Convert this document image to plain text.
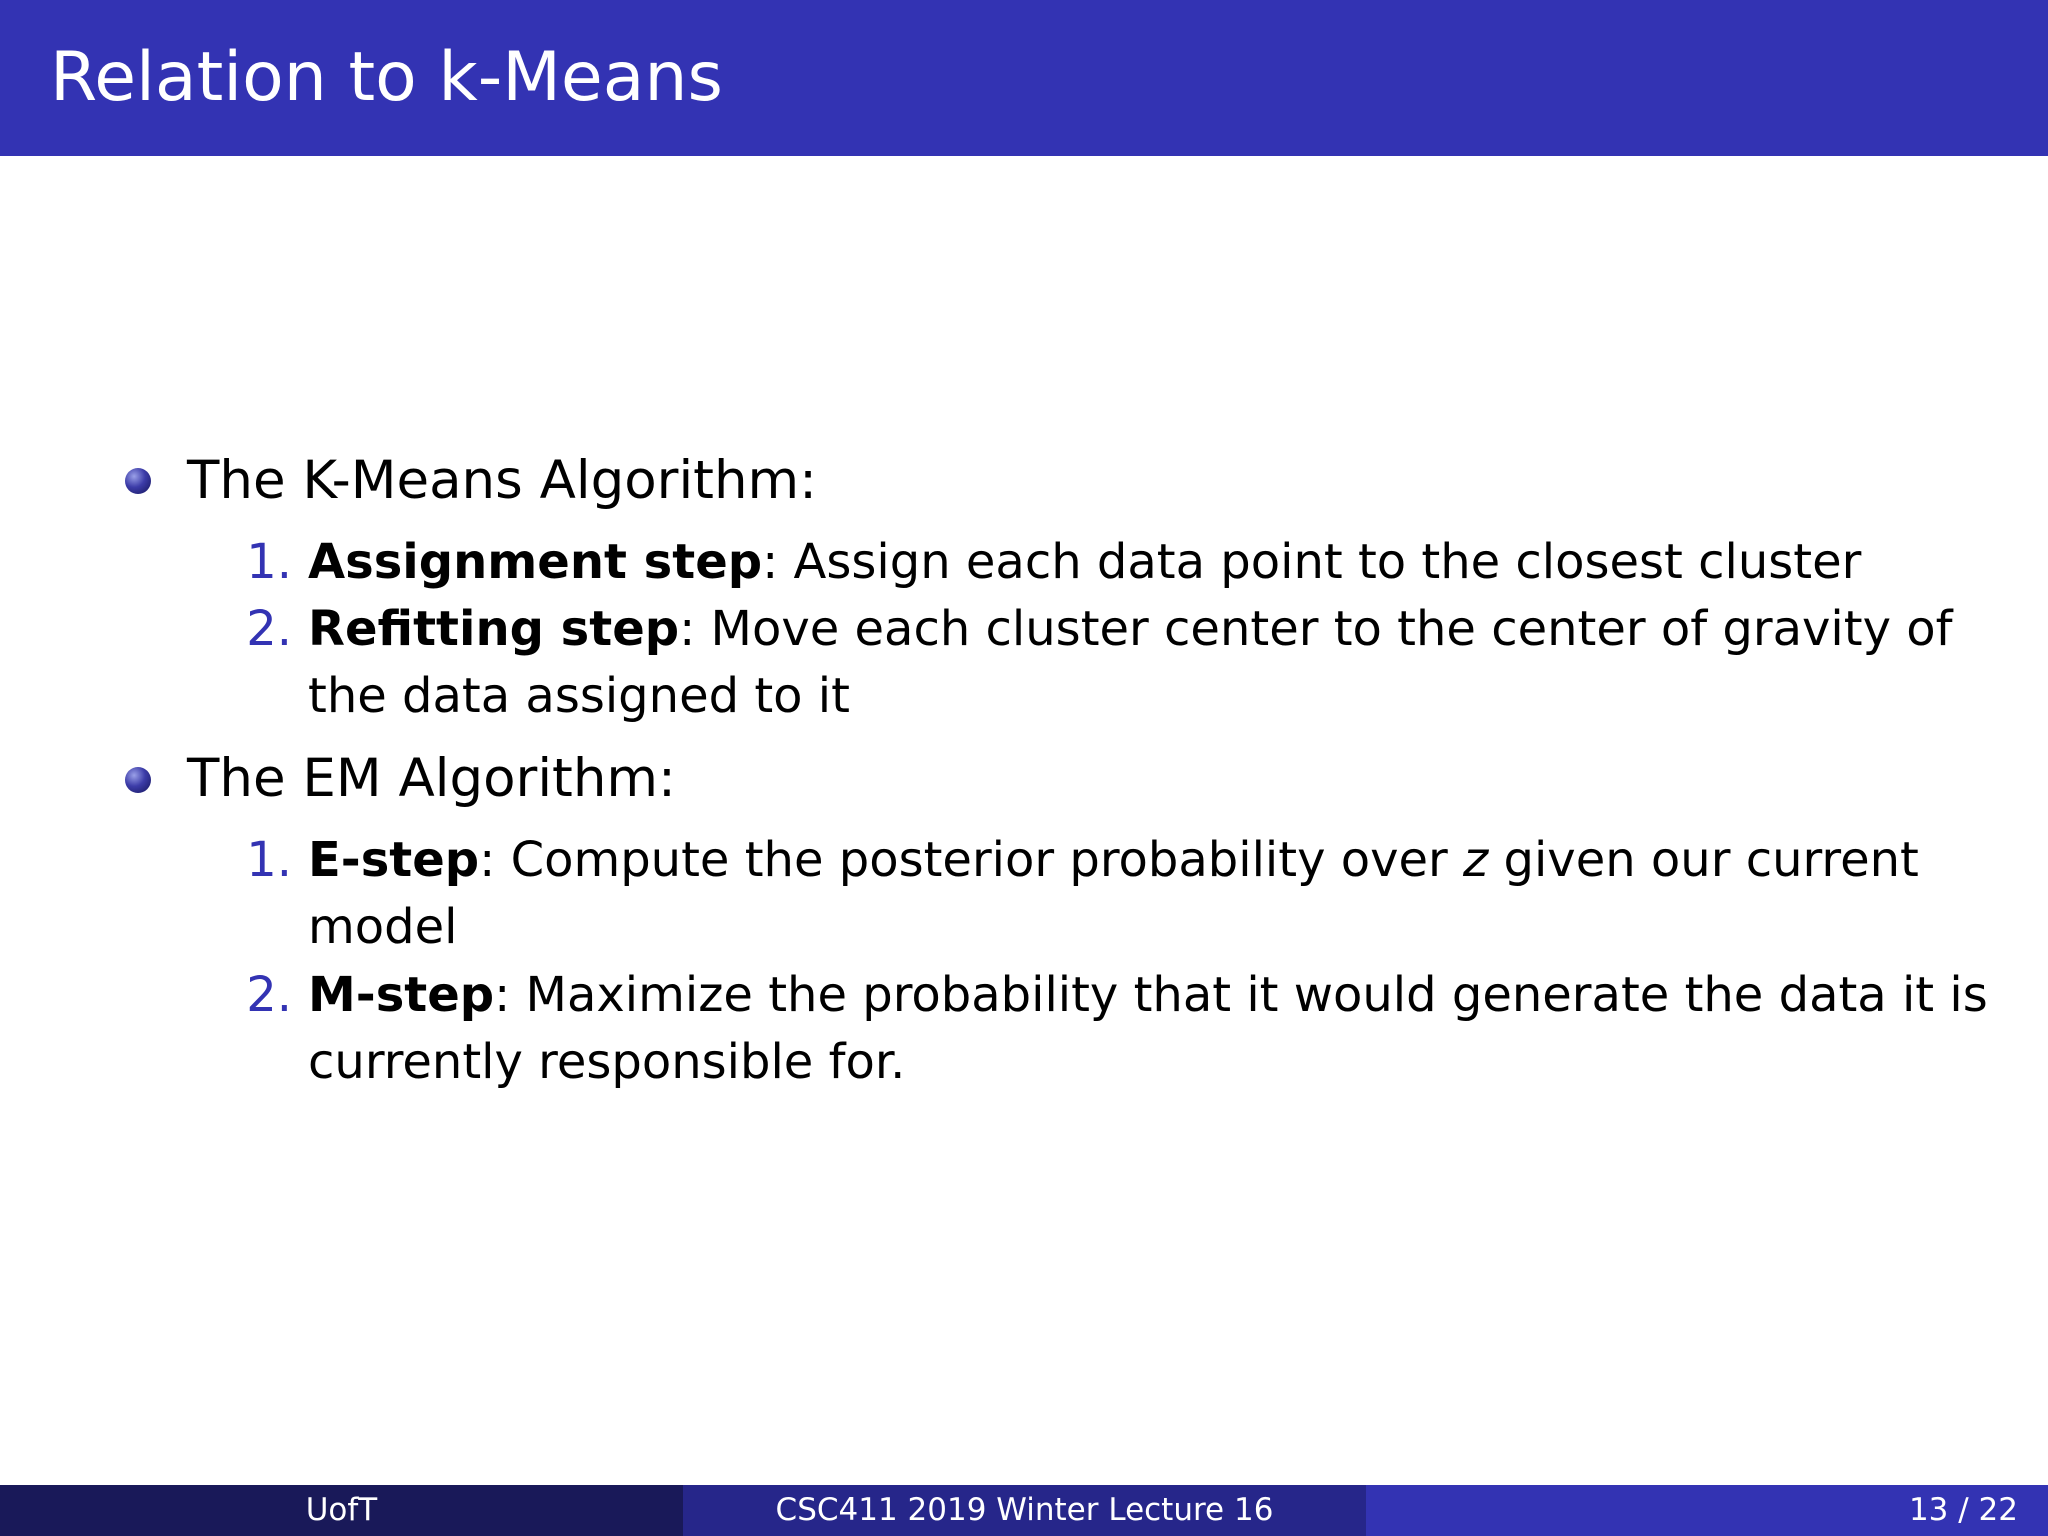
Relation to k-Means
The K-Means Algorithm:
1. Assignment step: Assign each data point to the closest cluster
2. Refitting step: Move each cluster center to the center of gravity of
the data assigned to it
The EM Algorithm:
1. E-step: Compute the posterior probability over z given our current
model
2. M-step: Maximize the probability that it would generate the data it is
currently responsible for.
UofT	CSC411 2019 Winter Lecture 16	13 / 22
